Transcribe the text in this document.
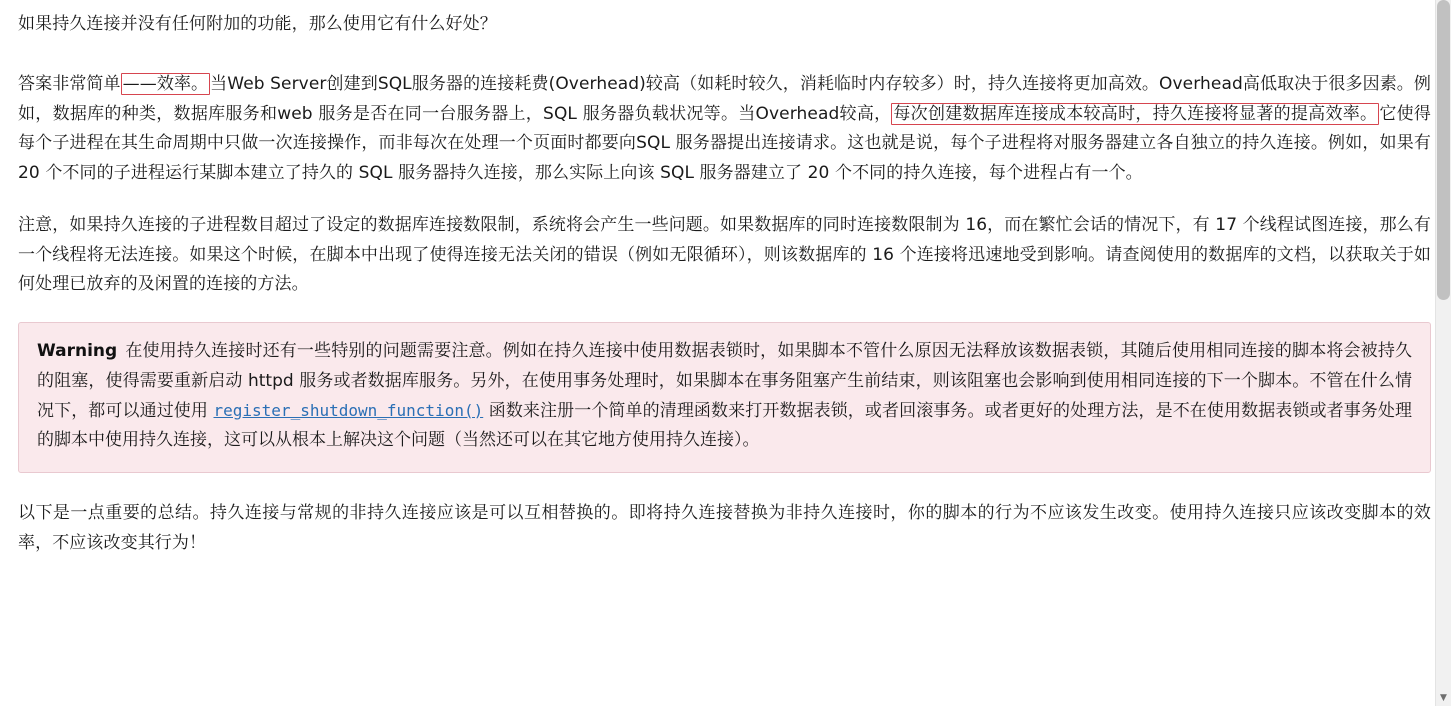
如果持久连接并没有任何附加的功能，那么使用它有什么好处？

答案非常简单 ——效率。 当Web Server创建到SQL服务器的连接耗费(Overhead)较高（如耗时较久，消耗临时内存较多）时，持久连接将更加高效。Overhead高低取决于很多因素。例如，数据库的种类，数据库服务和web 服务是否在同一台服务器上，SQL 服务器负载状况等。当Overhead较高， 每次创建数据库连接成本较高时，持久连接将显著的提高效率。 它使得每个子进程在其生命周期中只做一次连接操作，而非每次在处理一个页面时都要向SQL 服务器提出连接请求。这也就是说，每个子进程将对服务器建立各自独立的持久连接。例如，如果有 20 个不同的子进程运行某脚本建立了持久的 SQL 服务器持久连接，那么实际上向该 SQL 服务器建立了 20 个不同的持久连接，每个进程占有一个。

注意，如果持久连接的子进程数目超过了设定的数据库连接数限制，系统将会产生一些问题。如果数据库的同时连接数限制为 16，而在繁忙会话的情况下，有 17 个线程试图连接，那么有一个线程将无法连接。如果这个时候，在脚本中出现了使得连接无法关闭的错误（例如无限循环），则该数据库的 16 个连接将迅速地受到影响。请查阅使用的数据库的文档，以获取关于如何处理已放弃的及闲置的连接的方法。

Warning 在使用持久连接时还有一些特别的问题需要注意。例如在持久连接中使用数据表锁时，如果脚本不管什么原因无法释放该数据表锁，其随后使用相同连接的脚本将会被持久的阻塞，使得需要重新启动 httpd 服务或者数据库服务。另外，在使用事务处理时，如果脚本在事务阻塞产生前结束，则该阻塞也会影响到使用相同连接的下一个脚本。不管在什么情况下，都可以通过使用 register_shutdown_function() 函数来注册一个简单的清理函数来打开数据表锁，或者回滚事务。或者更好的处理方法，是不在使用数据表锁或者事务处理的脚本中使用持久连接，这可以从根本上解决这个问题（当然还可以在其它地方使用持久连接）。

以下是一点重要的总结。持久连接与常规的非持久连接应该是可以互相替换的。即将持久连接替换为非持久连接时，你的脚本的行为不应该发生改变。使用持久连接只应该改变脚本的效率，不应该改变其行为！

▼
